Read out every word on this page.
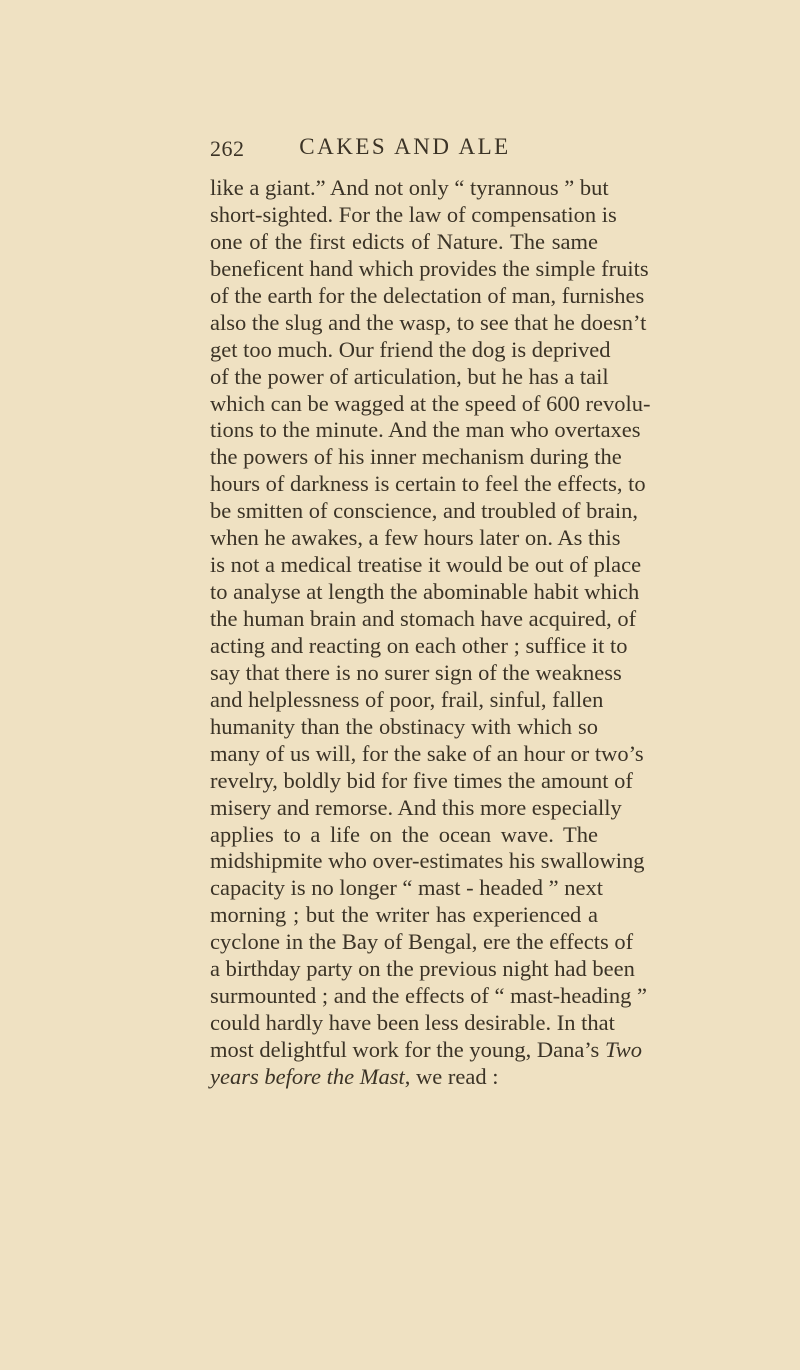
262	CAKES AND ALE
like a giant.” And not only “ tyrannous ” but
short-sighted. For the law of compensation is
one of the first edicts of Nature. The same
beneficent hand which provides the simple fruits
of the earth for the delectation of man, furnishes
also the slug and the wasp, to see that he doesn’t
get too much. Our friend the dog is deprived
of the power of articulation, but he has a tail
which can be wagged at the speed of 600 revolu-
tions to the minute. And the man who overtaxes
the powers of his inner mechanism during the
hours of darkness is certain to feel the effects, to
be smitten of conscience, and troubled of brain,
when he awakes, a few hours later on. As this
is not a medical treatise it would be out of place
to analyse at length the abominable habit which
the human brain and stomach have acquired, of
acting and reacting on each other ; suffice it to
say that there is no surer sign of the weakness
and helplessness of poor, frail, sinful, fallen
humanity than the obstinacy with which so
many of us will, for the sake of an hour or two’s
revelry, boldly bid for five times the amount of
misery and remorse. And this more especially
applies to a life on the ocean wave. The
midshipmite who over-estimates his swallowing
capacity is no longer “ mast - headed ” next
morning ; but the writer has experienced a
cyclone in the Bay of Bengal, ere the effects of
a birthday party on the previous night had been
surmounted ; and the effects of “ mast-heading ”
could hardly have been less desirable. In that
most delightful work for the young, Dana’s Two
years before the Mast, we read :
